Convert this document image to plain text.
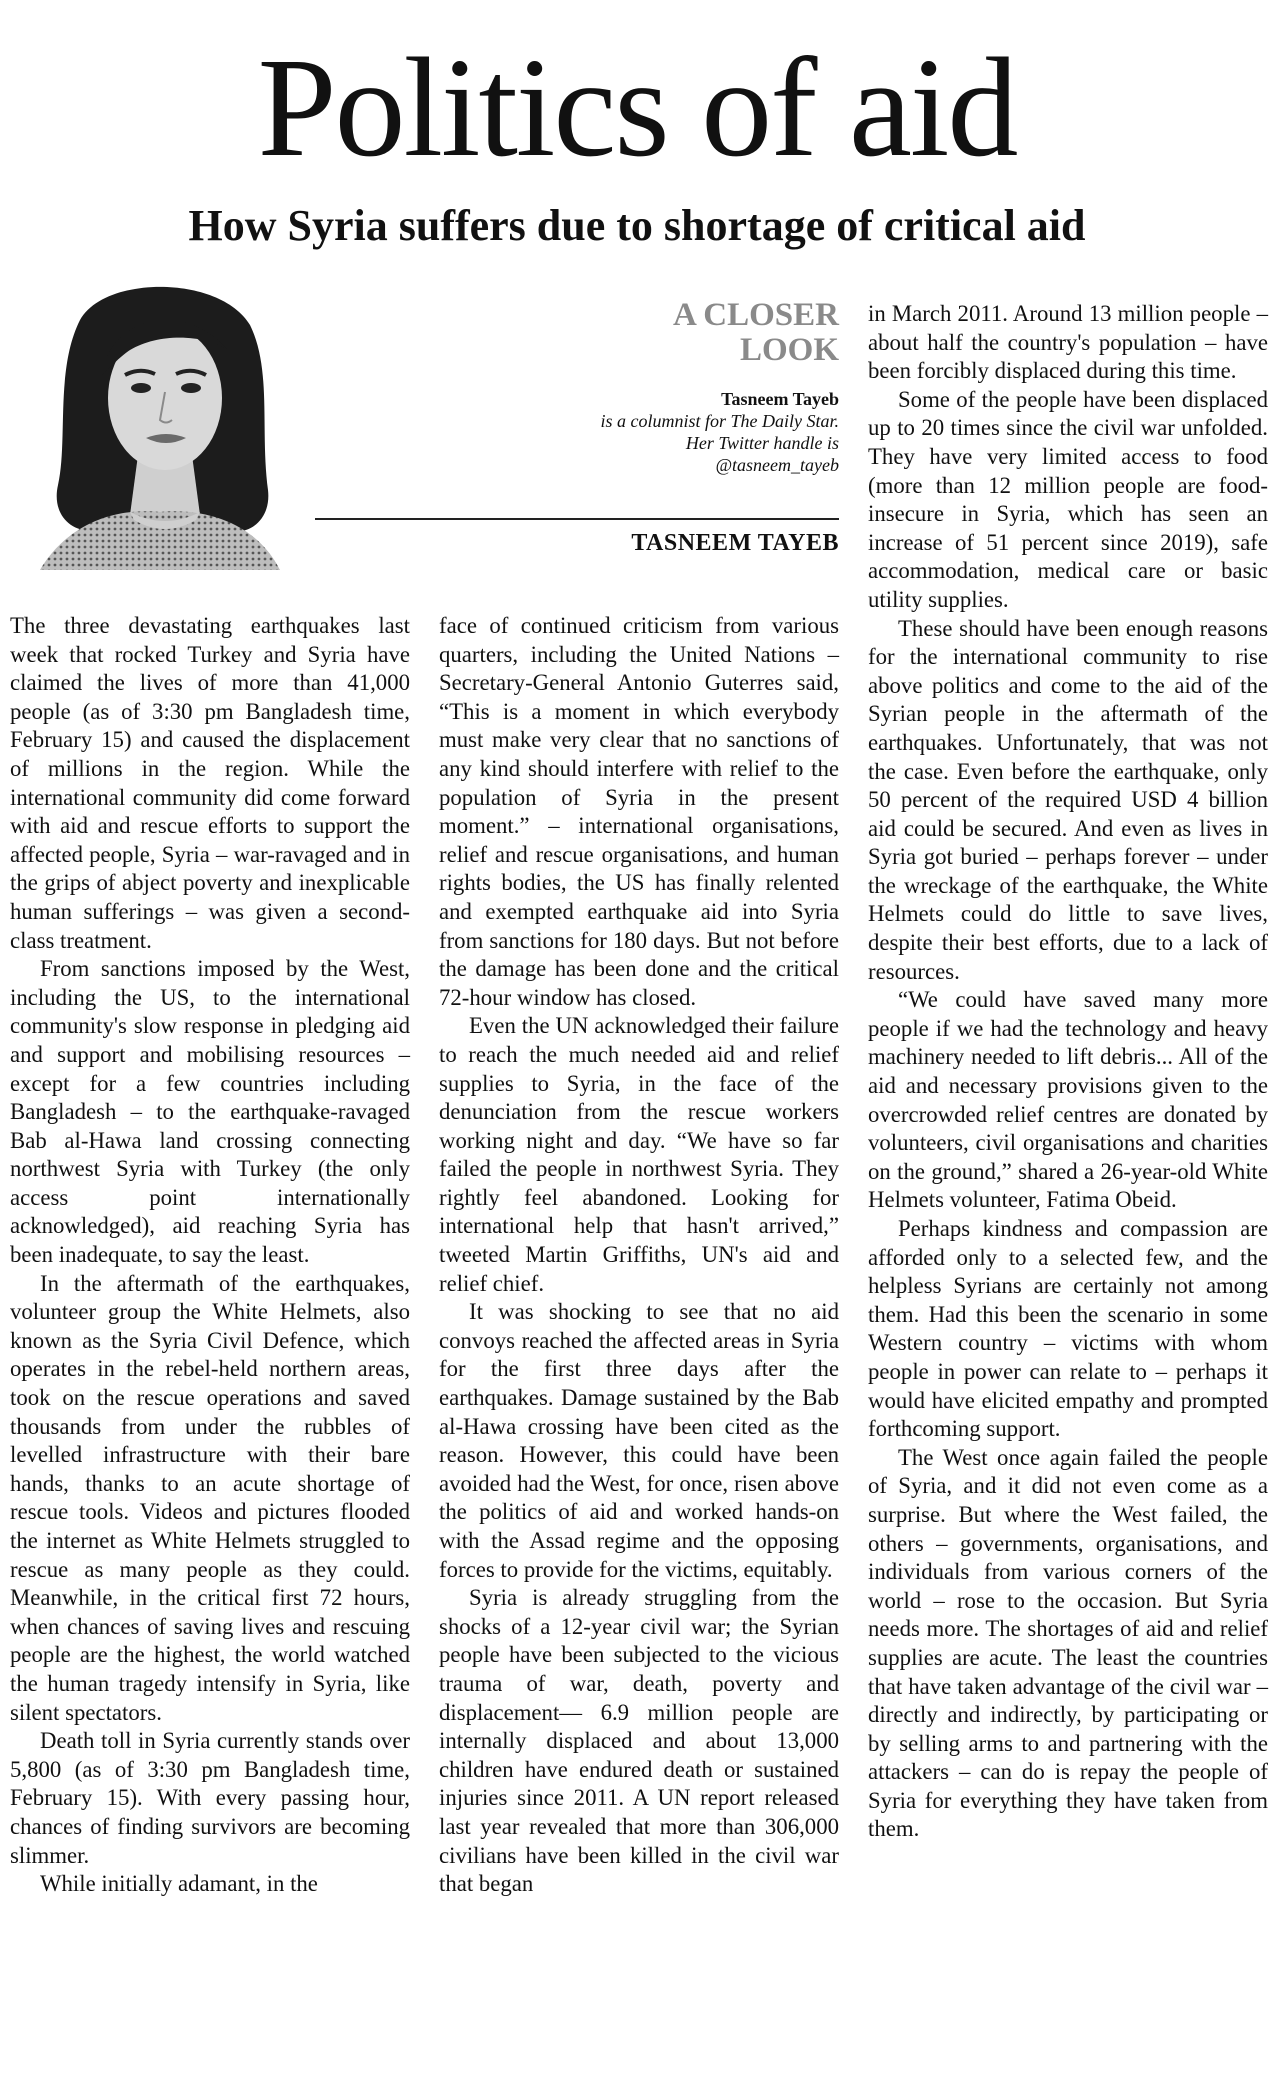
Politics of aid
How Syria suffers due to shortage of critical aid
A CLOSER LOOK
Tasneem Tayeb
is a columnist for The Daily Star. Her Twitter handle is @tasneem_tayeb
TASNEEM TAYEB

The three devastating earthquakes last week that rocked Turkey and Syria have claimed the lives of more than 41,000 people (as of 3:30 pm Bangladesh time, February 15) and caused the displacement of millions in the region. While the international community did come forward with aid and rescue efforts to support the affected people, Syria – war-ravaged and in the grips of abject poverty and inexplicable human sufferings – was given a second-class treatment.

From sanctions imposed by the West, including the US, to the international community's slow response in pledging aid and support and mobilising resources – except for a few countries including Bangladesh – to the earthquake-ravaged Bab al-Hawa land crossing connecting northwest Syria with Turkey (the only access point internationally acknowledged), aid reaching Syria has been inadequate, to say the least.

In the aftermath of the earthquakes, volunteer group the White Helmets, also known as the Syria Civil Defence, which operates in the rebel-held northern areas, took on the rescue operations and saved thousands from under the rubbles of levelled infrastructure with their bare hands, thanks to an acute shortage of rescue tools. Videos and pictures flooded the internet as White Helmets struggled to rescue as many people as they could. Meanwhile, in the critical first 72 hours, when chances of saving lives and rescuing people are the highest, the world watched the human tragedy intensify in Syria, like silent spectators.

Death toll in Syria currently stands over 5,800 (as of 3:30 pm Bangladesh time, February 15). With every passing hour, chances of finding survivors are becoming slimmer.

While initially adamant, in the

face of continued criticism from various quarters, including the United Nations – Secretary-General Antonio Guterres said, “This is a moment in which everybody must make very clear that no sanctions of any kind should interfere with relief to the population of Syria in the present moment.” – international organisations, relief and rescue organisations, and human rights bodies, the US has finally relented and exempted earthquake aid into Syria from sanctions for 180 days. But not before the damage has been done and the critical 72-hour window has closed.

Even the UN acknowledged their failure to reach the much needed aid and relief supplies to Syria, in the face of the denunciation from the rescue workers working night and day. “We have so far failed the people in northwest Syria. They rightly feel abandoned. Looking for international help that hasn't arrived,” tweeted Martin Griffiths, UN's aid and relief chief.

It was shocking to see that no aid convoys reached the affected areas in Syria for the first three days after the earthquakes. Damage sustained by the Bab al-Hawa crossing have been cited as the reason. However, this could have been avoided had the West, for once, risen above the politics of aid and worked hands-on with the Assad regime and the opposing forces to provide for the victims, equitably.

Syria is already struggling from the shocks of a 12-year civil war; the Syrian people have been subjected to the vicious trauma of war, death, poverty and displacement— 6.9 million people are internally displaced and about 13,000 children have endured death or sustained injuries since 2011. A UN report released last year revealed that more than 306,000 civilians have been killed in the civil war that began

in March 2011. Around 13 million people – about half the country's population – have been forcibly displaced during this time.

Some of the people have been displaced up to 20 times since the civil war unfolded. They have very limited access to food (more than 12 million people are food-insecure in Syria, which has seen an increase of 51 percent since 2019), safe accommodation, medical care or basic utility supplies.

These should have been enough reasons for the international community to rise above politics and come to the aid of the Syrian people in the aftermath of the earthquakes. Unfortunately, that was not the case. Even before the earthquake, only 50 percent of the required USD 4 billion aid could be secured. And even as lives in Syria got buried – perhaps forever – under the wreckage of the earthquake, the White Helmets could do little to save lives, despite their best efforts, due to a lack of resources.

“We could have saved many more people if we had the technology and heavy machinery needed to lift debris... All of the aid and necessary provisions given to the overcrowded relief centres are donated by volunteers, civil organisations and charities on the ground,” shared a 26-year-old White Helmets volunteer, Fatima Obeid.

Perhaps kindness and compassion are afforded only to a selected few, and the helpless Syrians are certainly not among them. Had this been the scenario in some Western country – victims with whom people in power can relate to – perhaps it would have elicited empathy and prompted forthcoming support.

The West once again failed the people of Syria, and it did not even come as a surprise. But where the West failed, the others – governments, organisations, and individuals from various corners of the world – rose to the occasion. But Syria needs more. The shortages of aid and relief supplies are acute. The least the countries that have taken advantage of the civil war – directly and indirectly, by participating or by selling arms to and partnering with the attackers – can do is repay the people of Syria for everything they have taken from them.
